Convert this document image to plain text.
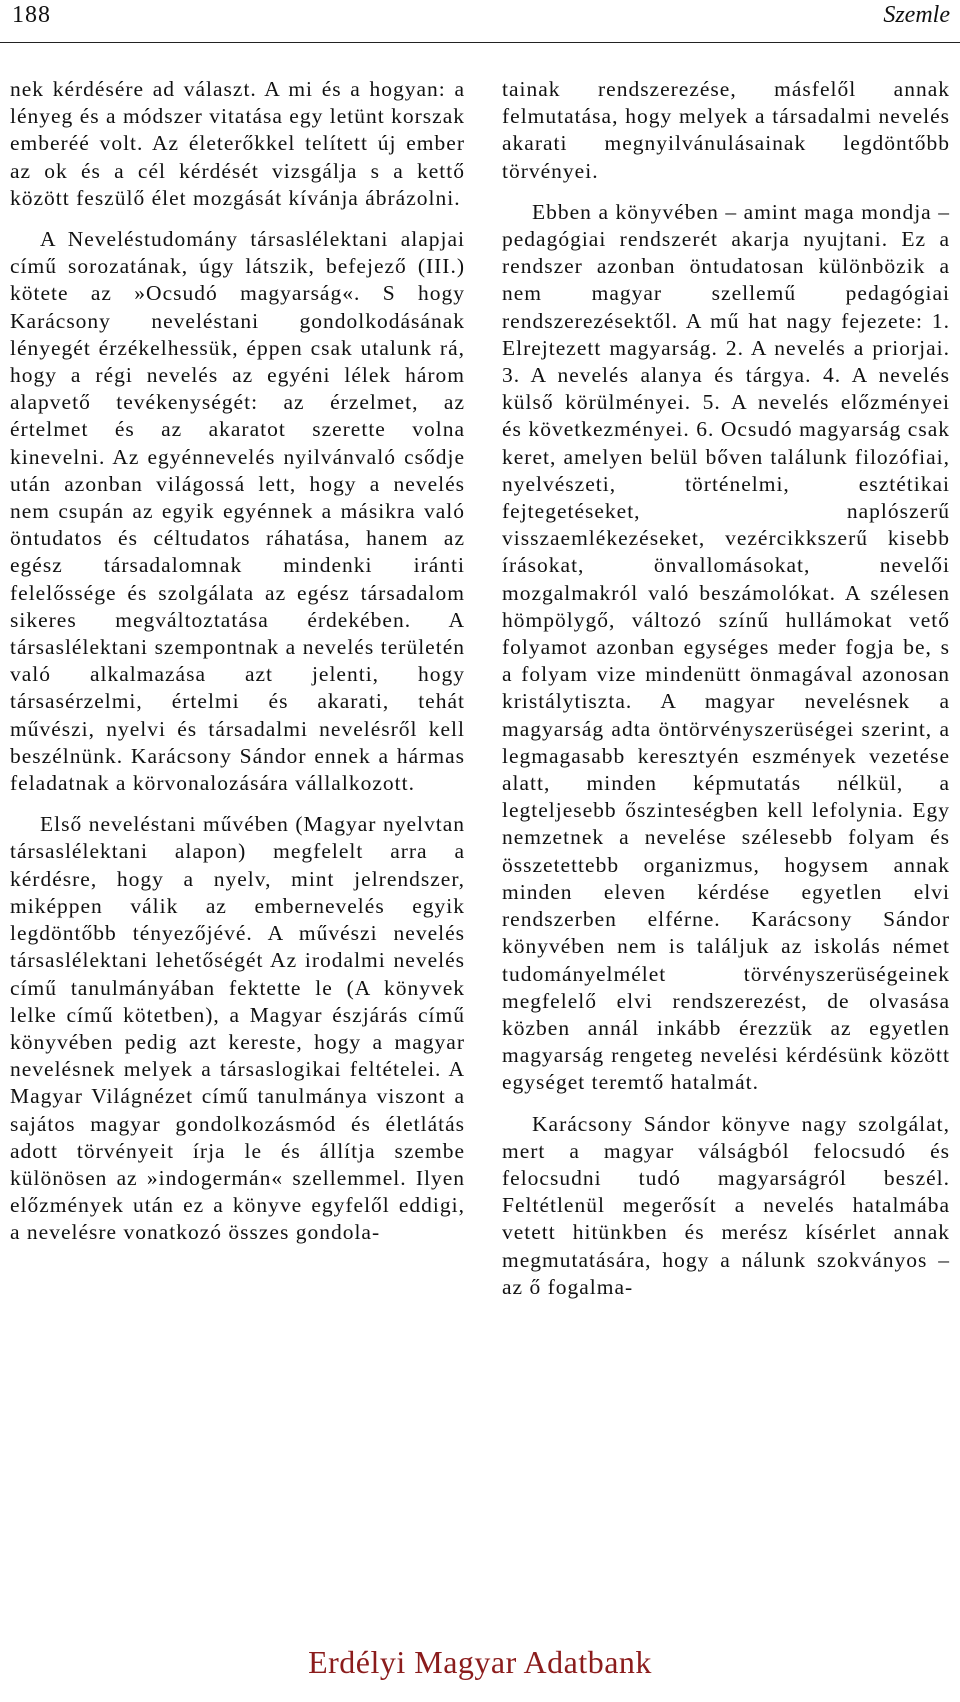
188	Szemle

nek kérdésére ad választ. A mi és a hogyan: a lényeg és a módszer vitatása egy letünt korszak emberéé volt. Az életerőkkel telített új ember az ok és a cél kérdését vizsgálja s a kettő között feszülő élet mozgását kívánja ábrázolni.

A Neveléstudomány társaslélektani alapjai című sorozatának, úgy látszik, befejező (III.) kötete az »Ocsudó magyarság«. S hogy Karácsony neveléstani gondolkodásának lényegét érzékelhessük, éppen csak utalunk rá, hogy a régi nevelés az egyéni lélek három alapvető tevékenységét: az érzelmet, az értelmet és az akaratot szerette volna kinevelni. Az egyénnevelés nyilvánvaló csődje után azonban világossá lett, hogy a nevelés nem csupán az egyik egyénnek a másikra való öntudatos és céltudatos ráhatása, hanem az egész társadalomnak mindenki iránti felelőssége és szolgálata az egész társadalom sikeres megváltoztatása érdekében. A társaslélektani szempontnak a nevelés területén való alkalmazása azt jelenti, hogy társasérzelmi, értelmi és akarati, tehát művészi, nyelvi és társadalmi nevelésről kell beszélnünk. Karácsony Sándor ennek a hármas feladatnak a körvonalozására vállalkozott.

Első neveléstani művében (Magyar nyelvtan társaslélektani alapon) megfelelt arra a kérdésre, hogy a nyelv, mint jelrendszer, miképpen válik az embernevelés egyik legdöntőbb tényezőjévé. A művészi nevelés társaslélektani lehetőségét Az irodalmi nevelés című tanulmányában fektette le (A könyvek lelke című kötetben), a Magyar észjárás című könyvében pedig azt kereste, hogy a magyar nevelésnek melyek a társaslogikai feltételei. A Magyar Világnézet című tanulmánya viszont a sajátos magyar gondolkozásmód és életlátás adott törvényeit írja le és állítja szembe különösen az »indogermán« szellemmel. Ilyen előzmények után ez a könyve egyfelől eddigi, a nevelésre vonatkozó összes gondola-

tainak rendszerezése, másfelől annak felmutatása, hogy melyek a társadalmi nevelés akarati megnyilvánulásainak legdöntőbb törvényei.

Ebben a könyvében – amint maga mondja – pedagógiai rendszerét akarja nyujtani. Ez a rendszer azonban öntudatosan különbözik a nem magyar szellemű pedagógiai rendszerezésektől. A mű hat nagy fejezete: 1. Elrejtezett magyarság. 2. A nevelés a priorjai. 3. A nevelés alanya és tárgya. 4. A nevelés külső körülményei. 5. A nevelés előzményei és következményei. 6. Ocsudó magyarság csak keret, amelyen belül bőven találunk filozófiai, nyelvészeti, történelmi, esztétikai fejtegetéseket, naplószerű visszaemlékezéseket, vezércikkszerű kisebb írásokat, önvallomásokat, nevelői mozgalmakról való beszámolókat. A szélesen hömpölygő, változó színű hullámokat vető folyamot azonban egységes meder fogja be, s a folyam vize mindenütt önmagával azonosan kristálytiszta. A magyar nevelésnek a magyarság adta öntörvényszerüségei szerint, a legmagasabb keresztyén eszmények vezetése alatt, minden képmutatás nélkül, a legteljesebb őszinteségben kell lefolynia. Egy nemzetnek a nevelése szélesebb folyam és összetettebb organizmus, hogysem annak minden eleven kérdése egyetlen elvi rendszerben elférne. Karácsony Sándor könyvében nem is találjuk az iskolás német tudományelmélet törvényszerüségeinek megfelelő elvi rendszerezést, de olvasása közben annál inkább érezzük az egyetlen magyarság rengeteg nevelési kérdésünk között egységet teremtő hatalmát.

Karácsony Sándor könyve nagy szolgálat, mert a magyar válságból felocsudó és felocsudni tudó magyarságról beszél. Feltétlenül megerősít a nevelés hatalmába vetett hitünkben és merész kísérlet annak megmutatására, hogy a nálunk szokványos – az ő fogalma-

Erdélyi Magyar Adatbank
